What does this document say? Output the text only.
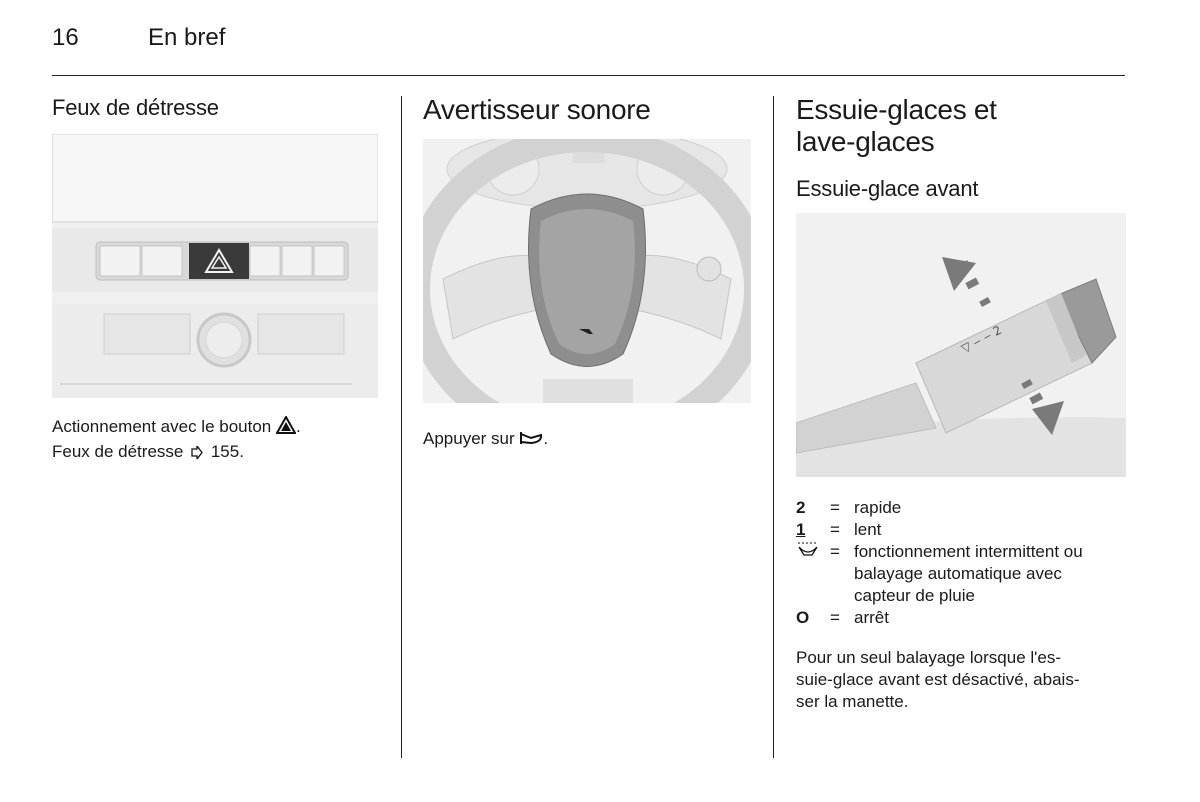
16	En bref
Feux de détresse
Actionnement avec le bouton .
Feux de détresse 155.
Avertisseur sonore
Appuyer sur .
Essuie-glaces et
lave-glaces
Essuie-glace avant
▽ ‒ ‒ 2
2	= rapide
1	= lent
= fonctionnement intermittent ou
balayage automatique avec
capteur de pluie
O	= arrêt
Pour un seul balayage lorsque l'es-
suie-glace avant est désactivé, abais-
ser la manette.
